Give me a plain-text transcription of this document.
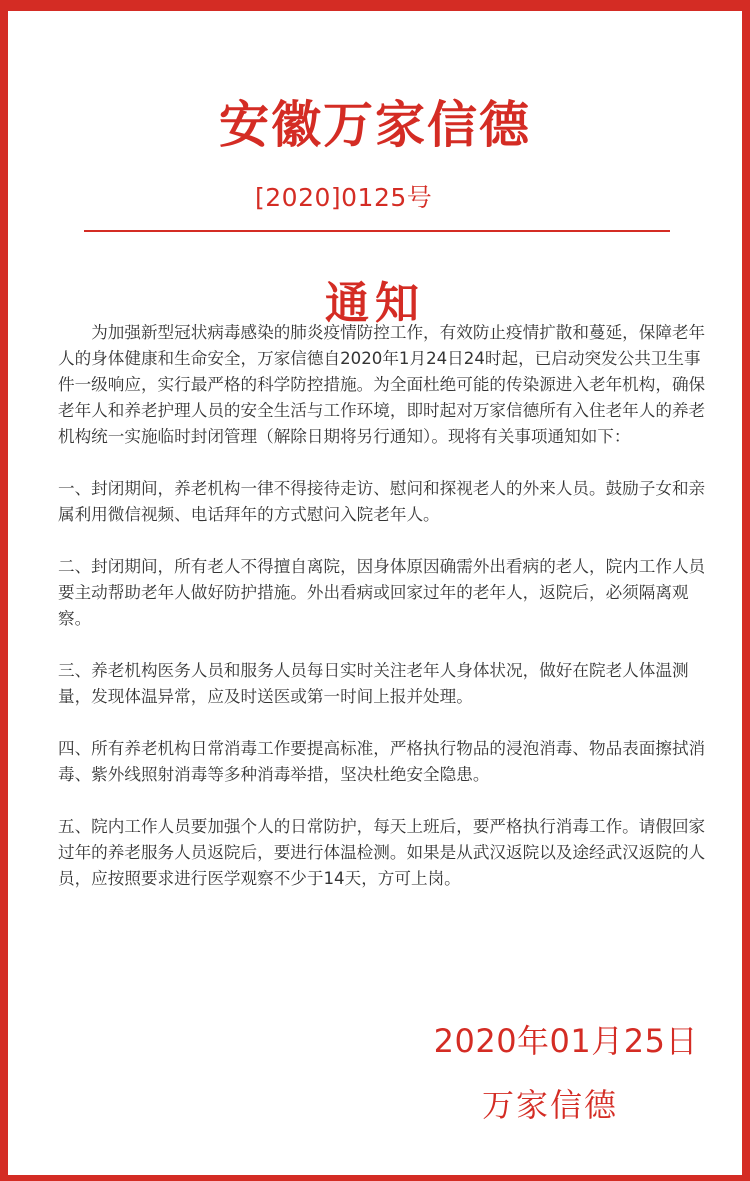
安徽万家信德
[2020]0125号
通知

为加强新型冠状病毒感染的肺炎疫情防控工作，有效防止疫情扩散和蔓延，保障老年人的身体健康和生命安全，万家信德自2020年1月24日24时起，已启动突发公共卫生事件一级响应，实行最严格的科学防控措施。为全面杜绝可能的传染源进入老年机构，确保老年人和养老护理人员的安全生活与工作环境，即时起对万家信德所有入住老年人的养老机构统一实施临时封闭管理（解除日期将另行通知）。现将有关事项通知如下：

一、封闭期间，养老机构一律不得接待走访、慰问和探视老人的外来人员。鼓励子女和亲属利用微信视频、电话拜年的方式慰问入院老年人。

二、封闭期间，所有老人不得擅自离院，因身体原因确需外出看病的老人，院内工作人员要主动帮助老年人做好防护措施。外出看病或回家过年的老年人，返院后，必须隔离观察。

三、养老机构医务人员和服务人员每日实时关注老年人身体状况，做好在院老人体温测量，发现体温异常，应及时送医或第一时间上报并处理。

四、所有养老机构日常消毒工作要提高标准，严格执行物品的浸泡消毒、物品表面擦拭消毒、紫外线照射消毒等多种消毒举措，坚决杜绝安全隐患。

五、院内工作人员要加强个人的日常防护，每天上班后，要严格执行消毒工作。请假回家过年的养老服务人员返院后，要进行体温检测。如果是从武汉返院以及途经武汉返院的人员，应按照要求进行医学观察不少于14天，方可上岗。

2020年01月25日
万家信德
